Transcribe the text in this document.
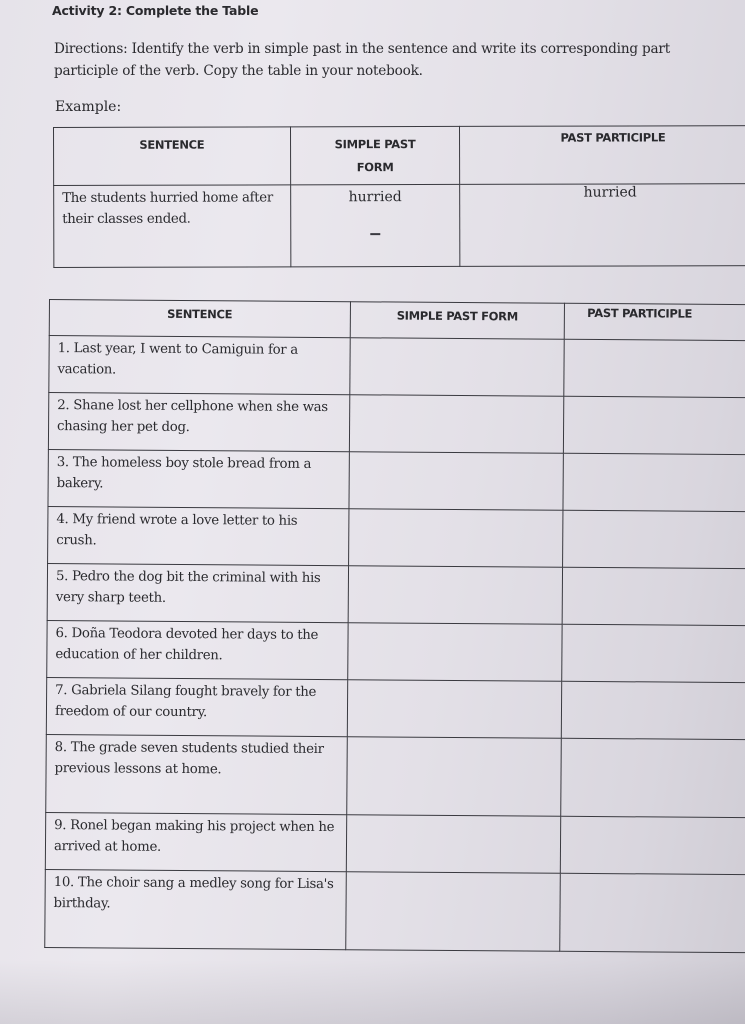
Activity 2: Complete the Table
Directions: Identify the verb in simple past in the sentence and write its corresponding part participle of the verb. Copy the table in your notebook.
Example:
SENTENCE	SIMPLE PAST FORM	PAST PARTICIPLE
The students hurried home after their classes ended.	hurried	hurried
SENTENCE	SIMPLE PAST FORM	PAST PARTICIPLE
1. Last year, I went to Camiguin for a vacation.		
2. Shane lost her cellphone when she was chasing her pet dog.		
3. The homeless boy stole bread from a bakery.		
4. My friend wrote a love letter to his crush.		
5. Pedro the dog bit the criminal with his very sharp teeth.		
6. Doña Teodora devoted her days to the education of her children.		
7. Gabriela Silang fought bravely for the freedom of our country.		
8. The grade seven students studied their previous lessons at home.		
9. Ronel began making his project when he arrived at home.		
10. The choir sang a medley song for Lisa's birthday.		
